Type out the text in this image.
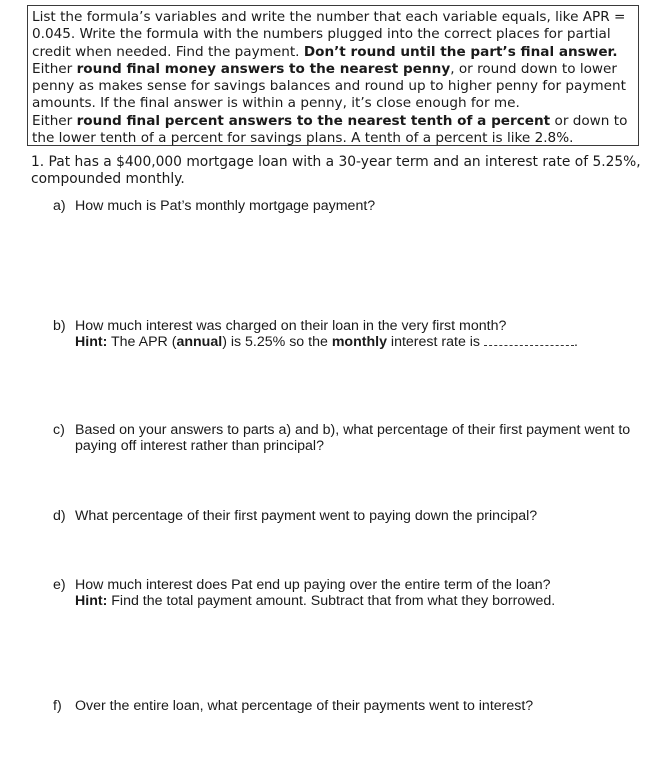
List the formula’s variables and write the number that each variable equals, like APR = 0.045. Write the formula with the numbers plugged into the correct places for partial credit when needed. Find the payment. Don’t round until the part’s final answer.
Either round final money answers to the nearest penny, or round down to lower penny as makes sense for savings balances and round up to higher penny for payment amounts. If the final answer is within a penny, it’s close enough for me.
Either round final percent answers to the nearest tenth of a percent or down to the lower tenth of a percent for savings plans. A tenth of a percent is like 2.8%.

1. Pat has a $400,000 mortgage loan with a 30-year term and an interest rate of 5.25%, compounded monthly.

a) How much is Pat’s monthly mortgage payment?
b) How much interest was charged on their loan in the very first month?
Hint: The APR (annual) is 5.25% so the monthly interest rate is	.
c) Based on your answers to parts a) and b), what percentage of their first payment went to paying off interest rather than principal?
d) What percentage of their first payment went to paying down the principal?
e) How much interest does Pat end up paying over the entire term of the loan?
Hint: Find the total payment amount. Subtract that from what they borrowed.
f) Over the entire loan, what percentage of their payments went to interest?
